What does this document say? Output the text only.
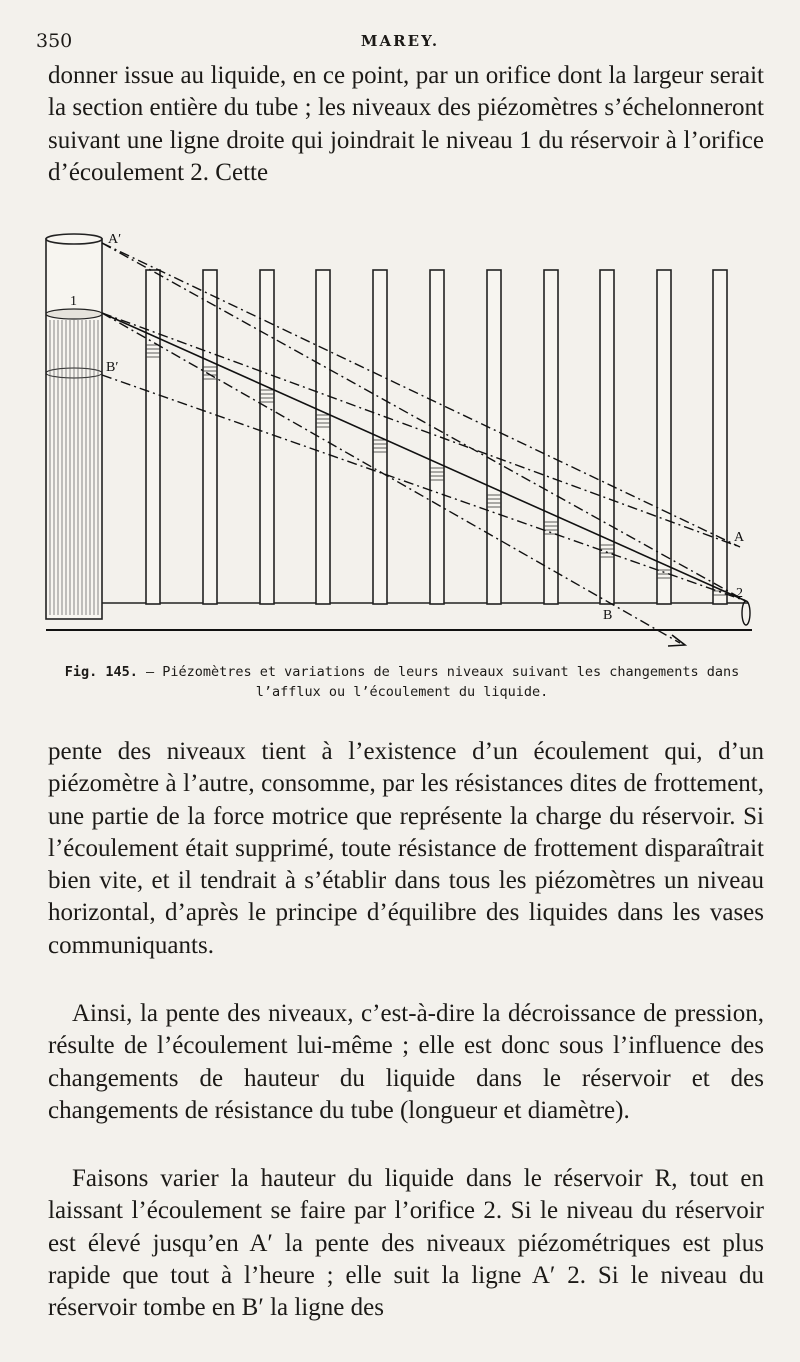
350	MAREY.

donner issue au liquide, en ce point, par un orifice dont la largeur serait la section entière du tube ; les niveaux des piézomètres s’échelonneront suivant une ligne droite qui joindrait le niveau 1 du réservoir à l’orifice d’écoulement 2. Cette

A′
1
B′
A
2
B
Fig. 145. — Piézomètres et variations de leurs niveaux suivant les changements dans l’afflux ou l’écoulement du liquide.

pente des niveaux tient à l’existence d’un écoulement qui, d’un piézomètre à l’autre, consomme, par les résistances dites de frottement, une partie de la force motrice que représente la charge du réservoir. Si l’écoulement était supprimé, toute résistance de frottement disparaîtrait bien vite, et il tendrait à s’établir dans tous les piézomètres un niveau horizontal, d’après le principe d’équilibre des liquides dans les vases communiquants.

Ainsi, la pente des niveaux, c’est-à-dire la décroissance de pression, résulte de l’écoulement lui-même ; elle est donc sous l’influence des changements de hauteur du liquide dans le réservoir et des changements de résistance du tube (longueur et diamètre).

Faisons varier la hauteur du liquide dans le réservoir R, tout en laissant l’écoulement se faire par l’orifice 2. Si le niveau du réservoir est élevé jusqu’en A′ la pente des niveaux piézométriques est plus rapide que tout à l’heure ; elle suit la ligne A′ 2. Si le niveau du réservoir tombe en B′ la ligne des
